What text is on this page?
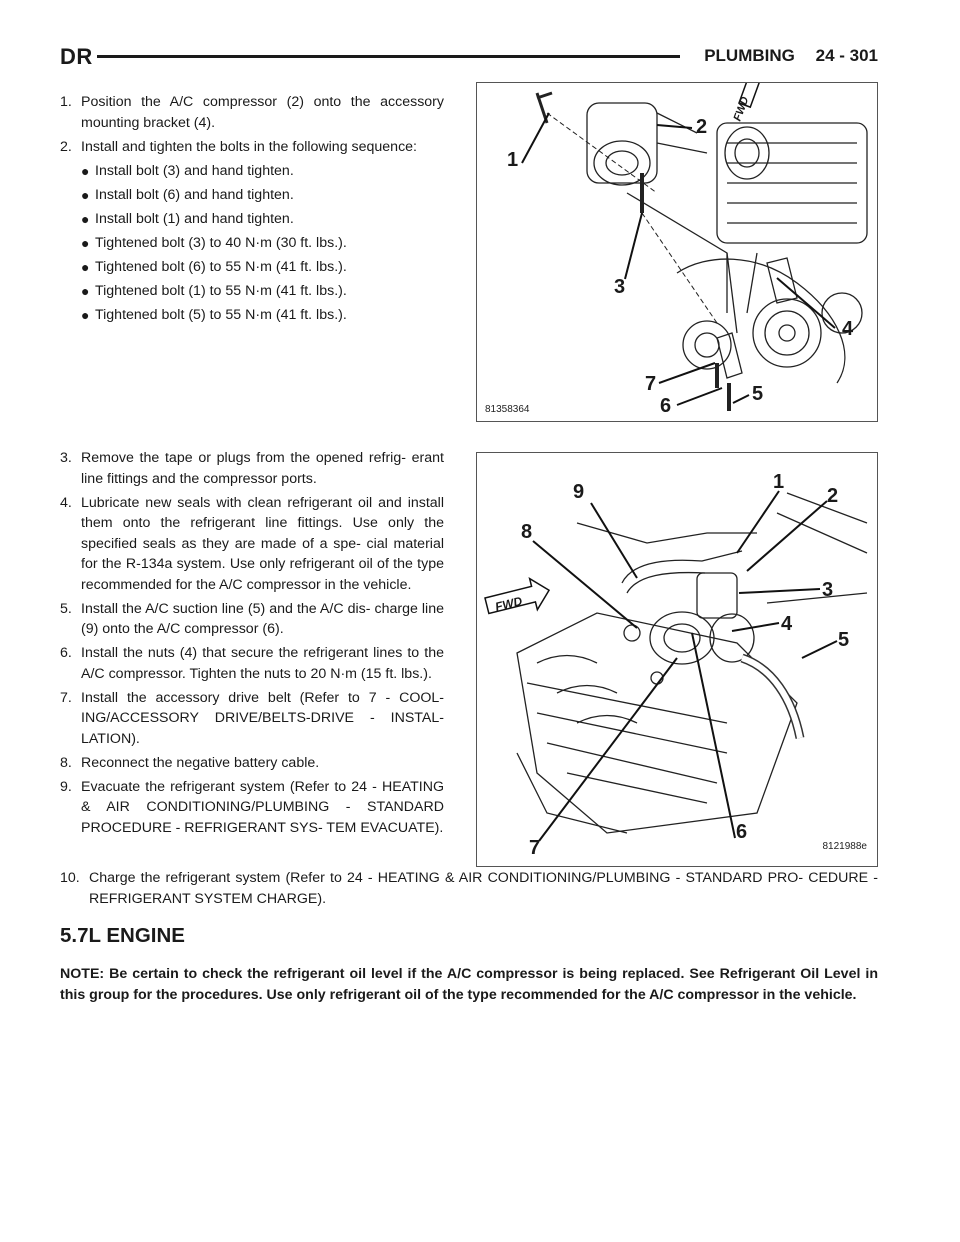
DR	PLUMBING 24 - 301
1. Position the A/C compressor (2) onto the accessory mounting bracket (4).
2. Install and tighten the bolts in the following sequence:
● Install bolt (3) and hand tighten.
● Install bolt (6) and hand tighten.
● Install bolt (1) and hand tighten.
● Tightened bolt (3) to 40 N·m (30 ft. lbs.).
● Tightened bolt (6) to 55 N·m (41 ft. lbs.).
● Tightened bolt (1) to 55 N·m (41 ft. lbs.).
● Tightened bolt (5) to 55 N·m (41 ft. lbs.).
1
2
3
4
5
6
7
FWD
81358364
9	1
2
8
3
4
5
6
7
FWD
8121988e
3. Remove the tape or plugs from the opened refrig- erant line fittings and the compressor ports.
4. Lubricate new seals with clean refrigerant oil and install them onto the refrigerant line fittings. Use only the specified seals as they are made of a spe- cial material for the R-134a system. Use only refrigerant oil of the type recommended for the A/C compressor in the vehicle.
5. Install the A/C suction line (5) and the A/C dis- charge line (9) onto the A/C compressor (6).
6. Install the nuts (4) that secure the refrigerant lines to the A/C compressor. Tighten the nuts to 20 N·m (15 ft. lbs.).
7. Install the accessory drive belt (Refer to 7 - COOL- ING/ACCESSORY DRIVE/BELTS-DRIVE - INSTAL- LATION).
8. Reconnect the negative battery cable.
9. Evacuate the refrigerant system (Refer to 24 - HEATING & AIR CONDITIONING/PLUMBING - STANDARD PROCEDURE - REFRIGERANT SYS- TEM EVACUATE).
10. Charge the refrigerant system (Refer to 24 - HEATING & AIR CONDITIONING/PLUMBING - STANDARD PRO- CEDURE - REFRIGERANT SYSTEM CHARGE).
5.7L ENGINE
NOTE: Be certain to check the refrigerant oil level if the A/C compressor is being replaced. See Refrigerant Oil Level in this group for the procedures. Use only refrigerant oil of the type recommended for the A/C compressor in the vehicle.
